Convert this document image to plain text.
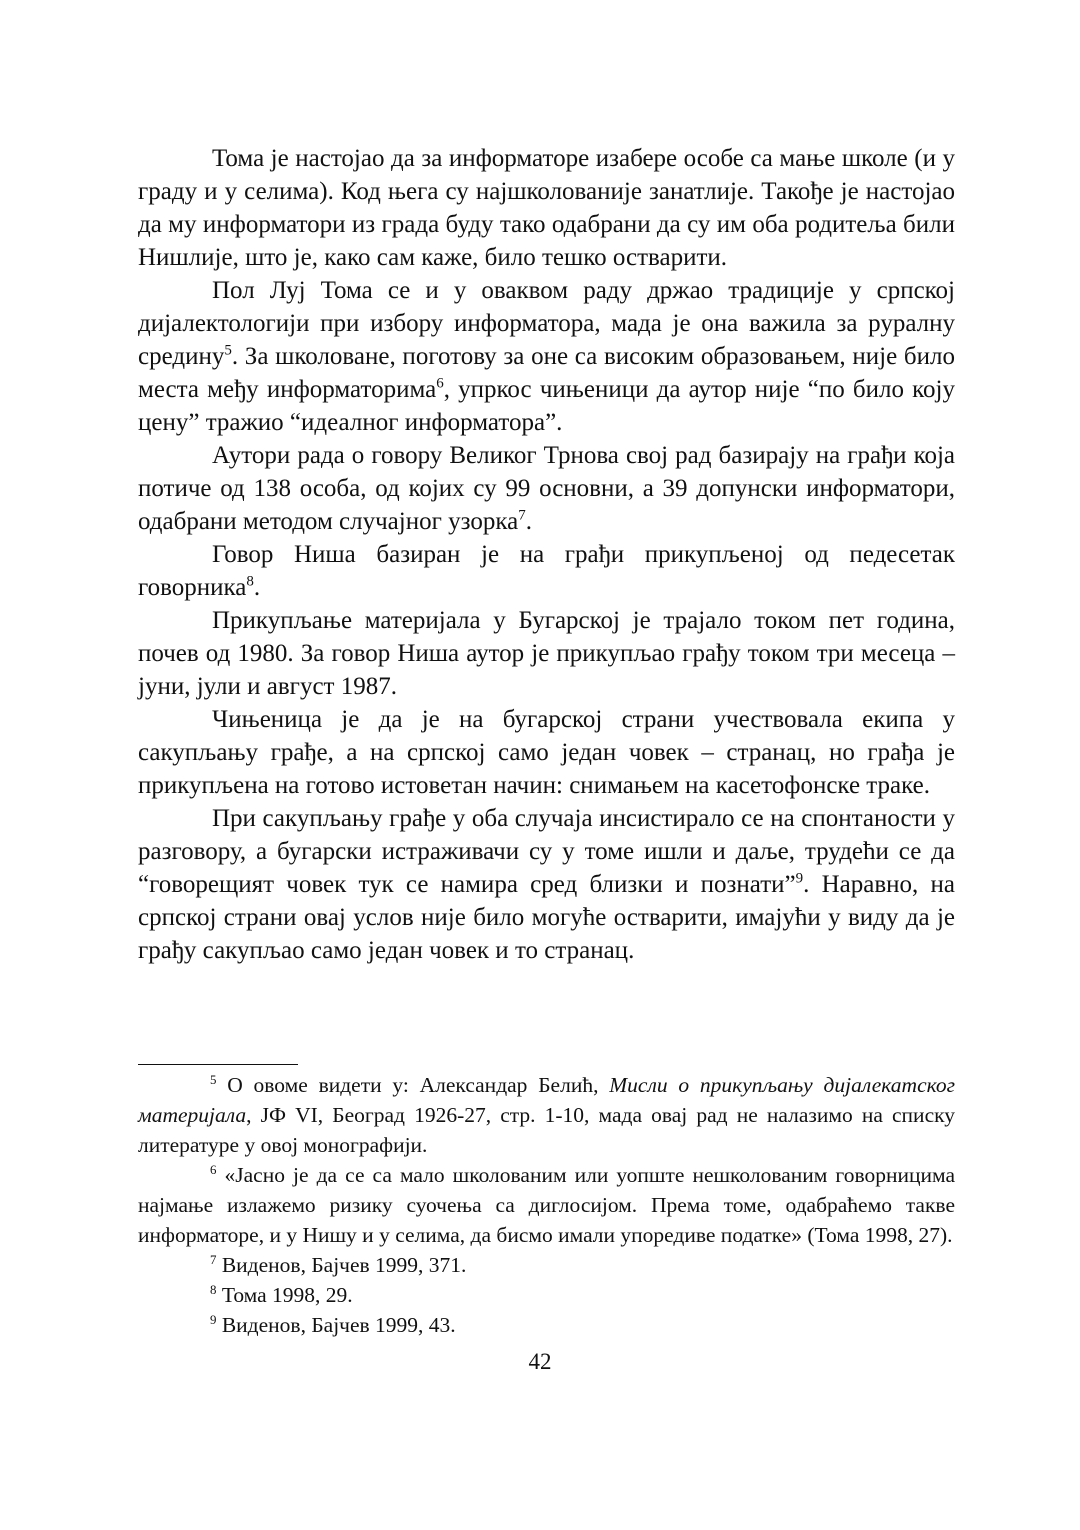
Тома је настојао да за информаторе изабере особе са мање школе (и у граду и у селима). Код њега су најшколованије занатлије. Такође је настојао да му информатори из града буду тако одабрани да су им оба родитеља били Нишлије, што је, како сам каже, било тешко остварити.

Пол Луј Тома се и у оваквом раду држао традиције у српској дијалектологији при избору информатора, мада је она важила за руралну средину$^5$. За школоване, поготову за оне са високим образовањем, није било места међу информаторима$^6$, упркос чињеници да аутор није “по било коју цену” тражио “идеалног информатора”.

Аутори рада о говору Великог Трнова свој рад базирају на грађи која потиче од 138 особа, од којих су 99 основни, а 39 допунски информатори, одабрани методом случајног узорка$^7$.

Говор Ниша базиран је на грађи прикупљеној од педесетак говорника$^8$.

Прикупљање материјала у Бугарској је трајало током пет година, почев од 1980. За говор Ниша аутор је прикупљао грађу током три месеца – јуни, јули и август 1987.

Чињеница је да је на бугарској страни учествовала екипа у сакупљању грађе, а на српској само један човек – странац, но грађа је прикупљена на готово истоветан начин: снимањем на касетофонске траке.

При сакупљању грађе у оба случаја инсистирало се на спонтаности у разговору, а бугарски истраживачи су у томе ишли и даље, трудећи се да “говорещият човек тук се намира сред близки и познати”$^9$. Наравно, на српској страни овај услов није било могуће остварити, имајући у виду да је грађу сакупљао само један човек и то странац.

$^5$ О овоме видети у: Александар Белић, Мисли о прикупљању дијалекатског материјала, ЈФ VI, Београд 1926-27, стр. 1-10, мада овај рад не налазимо на списку литературе у овој монографији.

$^6$ «Јасно је да се са мало школованим или уопште нешколованим говорницима најмање излажемо ризику суочења са диглосијом. Према томе, одабраћемо такве информаторе, и у Нишу и у селима, да бисмо имали упоредиве податке» (Тома 1998, 27).

$^7$ Виденов, Бајчев 1999, 371.

$^8$ Тома 1998, 29.

$^9$ Виденов, Бајчев 1999, 43.

42
